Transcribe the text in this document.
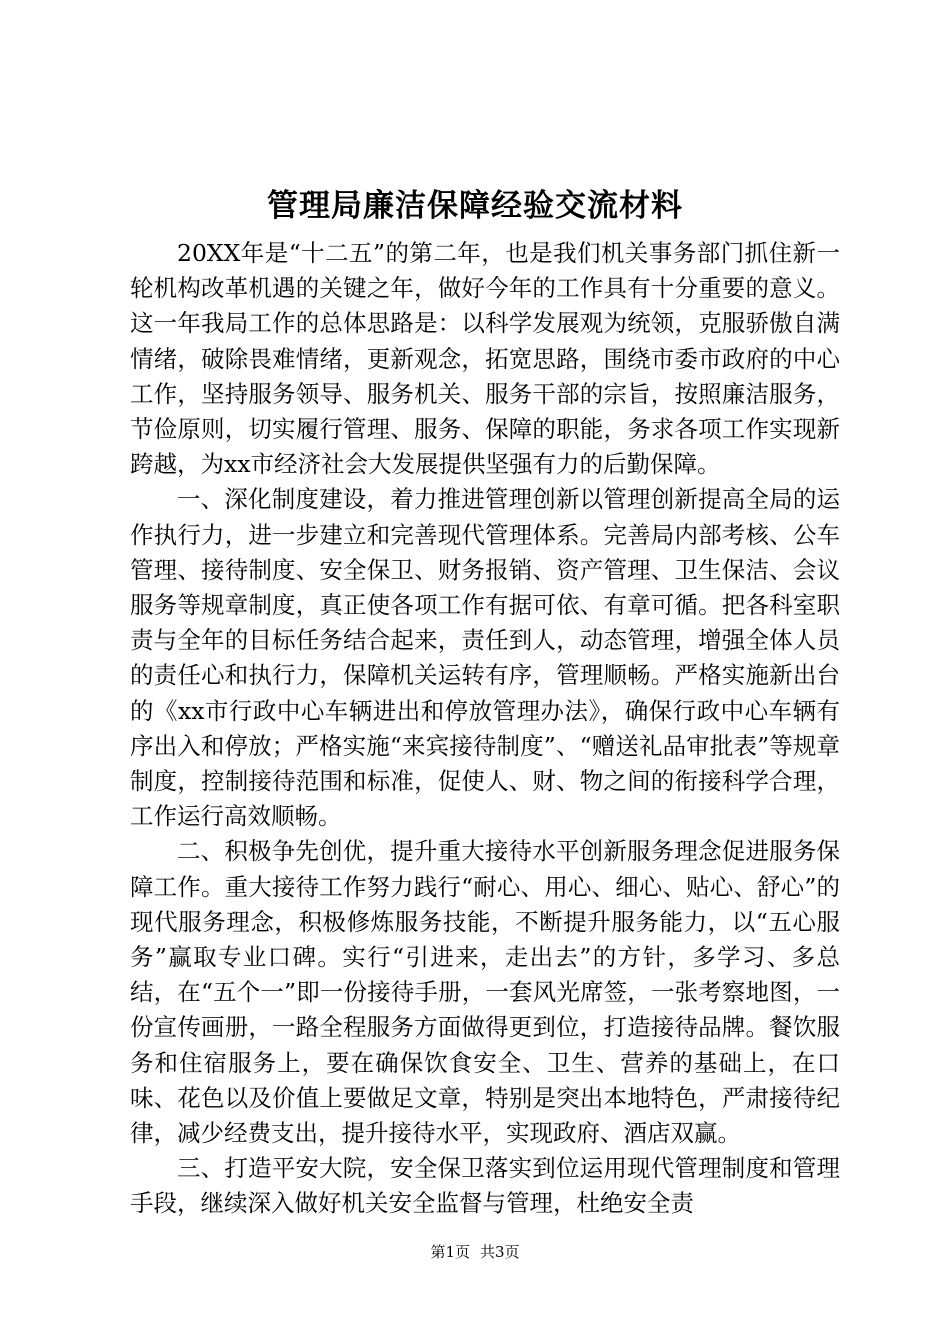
管理局廉洁保障经验交流材料

20XX年是“十二五”的第二年，也是我们机关事务部门抓住新一轮机构改革机遇的关键之年，做好今年的工作具有十分重要的意义。这一年我局工作的总体思路是：以科学发展观为统领，克服骄傲自满情绪，破除畏难情绪，更新观念，拓宽思路，围绕市委市政府的中心工作，坚持服务领导、服务机关、服务干部的宗旨，按照廉洁服务，节俭原则，切实履行管理、服务、保障的职能，务求各项工作实现新跨越，为xx市经济社会大发展提供坚强有力的后勤保障。

一、深化制度建设，着力推进管理创新以管理创新提高全局的运作执行力，进一步建立和完善现代管理体系。完善局内部考核、公车管理、接待制度、安全保卫、财务报销、资产管理、卫生保洁、会议服务等规章制度，真正使各项工作有据可依、有章可循。把各科室职责与全年的目标任务结合起来，责任到人，动态管理，增强全体人员的责任心和执行力，保障机关运转有序，管理顺畅。严格实施新出台的《xx市行政中心车辆进出和停放管理办法》，确保行政中心车辆有序出入和停放；严格实施“来宾接待制度”、“赠送礼品审批表”等规章制度，控制接待范围和标准，促使人、财、物之间的衔接科学合理，工作运行高效顺畅。

二、积极争先创优，提升重大接待水平创新服务理念促进服务保障工作。重大接待工作努力践行“耐心、用心、细心、贴心、舒心”的现代服务理念，积极修炼服务技能，不断提升服务能力，以“五心服务”赢取专业口碑。实行“引进来，走出去”的方针，多学习、多总结，在“五个一”即一份接待手册，一套风光席签，一张考察地图，一份宣传画册，一路全程服务方面做得更到位，打造接待品牌。餐饮服务和住宿服务上，要在确保饮食安全、卫生、营养的基础上，在口味、花色以及价值上要做足文章，特别是突出本地特色，严肃接待纪律，减少经费支出，提升接待水平，实现政府、酒店双赢。

三、打造平安大院，安全保卫落实到位运用现代管理制度和管理手段，继续深入做好机关安全监督与管理，杜绝安全责

第1页 共3页
